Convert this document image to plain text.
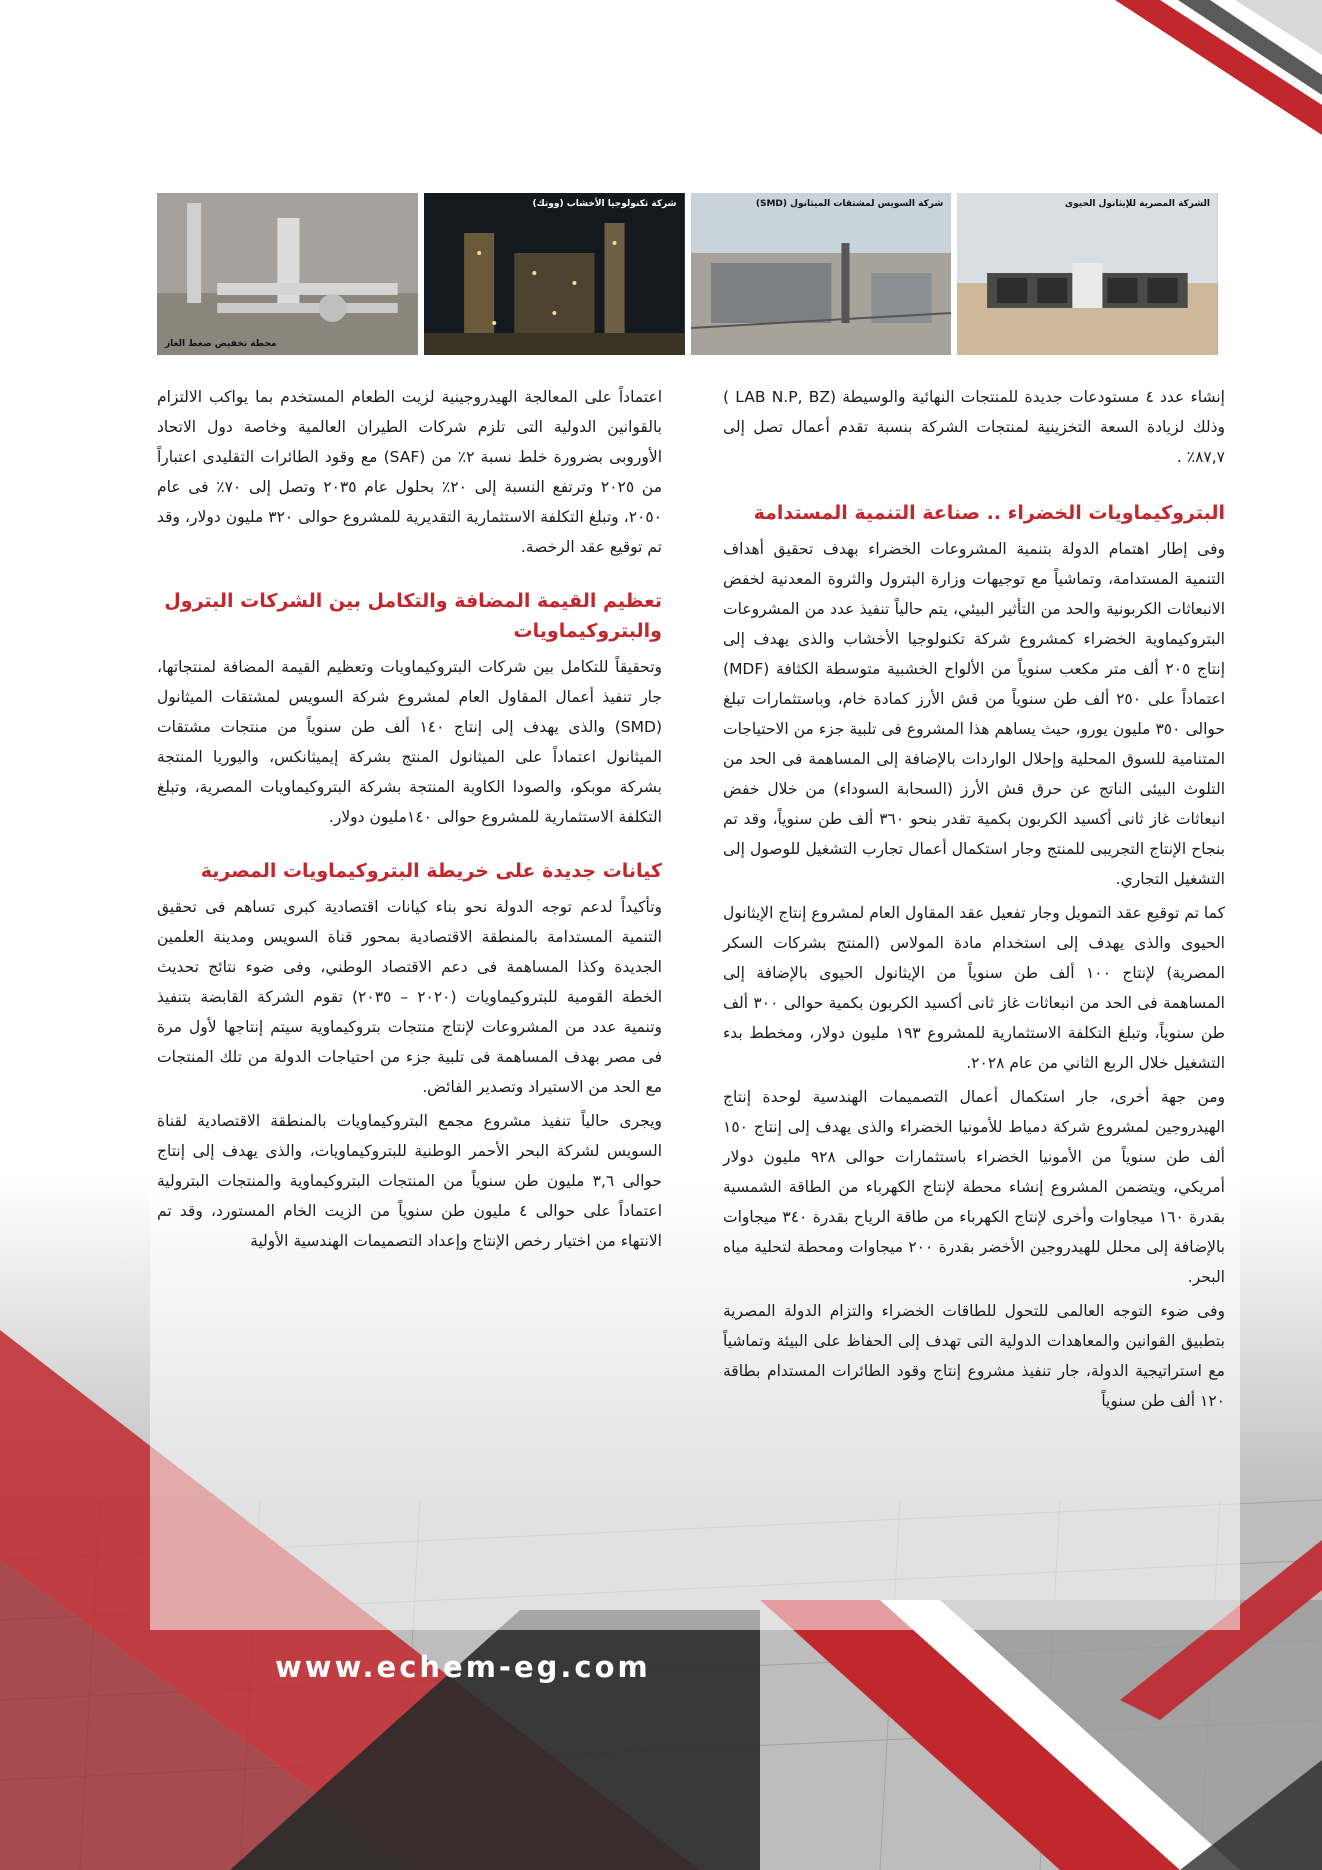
الشركة المصرية للإيثانول الحيوى
شركة السويس لمشتقات الميثانول (SMD)
شركة تكنولوجيا الأخشاب (ووتك)
محطة تخفيض ضغط الغاز

إنشاء عدد ٤ مستودعات جديدة للمنتجات النهائية والوسيطة (LAB N.P, BZ ) وذلك لزيادة السعة التخزينية لمنتجات الشركة بنسبة تقدم أعمال تصل إلى ٨٧,٧٪ .

البتروكيماويات الخضراء .. صناعة التنمية المستدامة

وفى إطار اهتمام الدولة بتنمية المشروعات الخضراء بهدف تحقيق أهداف التنمية المستدامة، وتماشياً مع توجيهات وزارة البترول والثروة المعدنية لخفض الانبعاثات الكربونية والحد من التأثير البيئي، يتم حالياً تنفيذ عدد من المشروعات البتروكيماوية الخضراء كمشروع شركة تكنولوجيا الأخشاب والذى يهدف إلى إنتاج ٢٠٥ ألف متر مكعب سنوياً من الألواح الخشبية متوسطة الكثافة (MDF) اعتماداً على ٢٥٠ ألف طن سنوياً من قش الأرز كمادة خام، وباستثمارات تبلغ حوالى ٣٥٠ مليون يورو، حيث يساهم هذا المشروع فى تلبية جزء من الاحتياجات المتنامية للسوق المحلية وإحلال الواردات بالإضافة إلى المساهمة فى الحد من التلوث البيئى الناتج عن حرق قش الأرز (السحابة السوداء) من خلال خفض انبعاثات غاز ثانى أكسيد الكربون بكمية تقدر بنحو ٣٦٠ ألف طن سنوياً، وقد تم بنجاح الإنتاج التجريبى للمنتج وجار استكمال أعمال تجارب التشغيل للوصول إلى التشغيل التجاري.

كما تم توقيع عقد التمويل وجار تفعيل عقد المقاول العام لمشروع إنتاج الإيثانول الحيوى والذى يهدف إلى استخدام مادة المولاس (المنتج بشركات السكر المصرية) لإنتاج ١٠٠ ألف طن سنوياً من الإيثانول الحيوى بالإضافة إلى المساهمة فى الحد من انبعاثات غاز ثانى أكسيد الكربون بكمية حوالى ٣٠٠ ألف طن سنوياً، وتبلغ التكلفة الاستثمارية للمشروع ١٩٣ مليون دولار، ومخطط بدء التشغيل خلال الربع الثاني من عام ٢٠٢٨.

ومن جهة أخرى، جار استكمال أعمال التصميمات الهندسية لوحدة إنتاج الهيدروجين لمشروع شركة دمياط للأمونيا الخضراء والذى يهدف إلى إنتاج ١٥٠ ألف طن سنوياً من الأمونيا الخضراء باستثمارات حوالى ٩٢٨ مليون دولار أمريكي، ويتضمن المشروع إنشاء محطة لإنتاج الكهرباء من الطاقة الشمسية بقدرة ١٦٠ ميجاوات وأخرى لإنتاج الكهرباء من طاقة الرياح بقدرة ٣٤٠ ميجاوات بالإضافة إلى محلل للهيدروجين الأخضر بقدرة ٢٠٠ ميجاوات ومحطة لتحلية مياه البحر.

وفى ضوء التوجه العالمى للتحول للطاقات الخضراء والتزام الدولة المصرية بتطبيق القوانين والمعاهدات الدولية التى تهدف إلى الحفاظ على البيئة وتماشياً مع استراتيجية الدولة، جار تنفيذ مشروع إنتاج وقود الطائرات المستدام بطاقة ١٢٠ ألف طن سنوياً

اعتماداً على المعالجة الهيدروجينية لزيت الطعام المستخدم بما يواكب الالتزام بالقوانين الدولية التى تلزم شركات الطيران العالمية وخاصة دول الاتحاد الأوروبى بضرورة خلط نسبة ٢٪ من (SAF) مع وقود الطائرات التقليدى اعتباراً من ٢٠٢٥ وترتفع النسبة إلى ٢٠٪ بحلول عام ٢٠٣٥ وتصل إلى ٧٠٪ فى عام ٢٠٥٠، وتبلغ التكلفة الاستثمارية التقديرية للمشروع حوالى ٣٢٠ مليون دولار، وقد تم توقيع عقد الرخصة.

تعظيم القيمة المضافة والتكامل بين الشركات البترول والبتروكيماويات

وتحقيقاً للتكامل بين شركات البتروكيماويات وتعظيم القيمة المضافة لمنتجاتها، جار تنفيذ أعمال المقاول العام لمشروع شركة السويس لمشتقات الميثانول (SMD) والذى يهدف إلى إنتاج ١٤٠ ألف طن سنوياً من منتجات مشتقات الميثانول اعتماداً على الميثانول المنتج بشركة إيميثانكس، واليوريا المنتجة بشركة موبكو، والصودا الكاوية المنتجة بشركة البتروكيماويات المصرية، وتبلغ التكلفة الاستثمارية للمشروع حوالى ١٤٠مليون دولار.

كيانات جديدة على خريطة البتروكيماويات المصرية

وتأكيداً لدعم توجه الدولة نحو بناء كيانات اقتصادية كبرى تساهم فى تحقيق التنمية المستدامة بالمنطقة الاقتصادية بمحور قناة السويس ومدينة العلمين الجديدة وكذا المساهمة فى دعم الاقتصاد الوطني، وفى ضوء نتائج تحديث الخطة القومية للبتروكيماويات (٢٠٢٠ – ٢٠٣٥) تقوم الشركة القابضة بتنفيذ وتنمية عدد من المشروعات لإنتاج منتجات بتروكيماوية سيتم إنتاجها لأول مرة فى مصر بهدف المساهمة فى تلبية جزء من احتياجات الدولة من تلك المنتجات مع الحد من الاستيراد وتصدير الفائض.

ويجرى حالياً تنفيذ مشروع مجمع البتروكيماويات بالمنطقة الاقتصادية لقناة السويس لشركة البحر الأحمر الوطنية للبتروكيماويات، والذى يهدف إلى إنتاج حوالى ٣,٦ مليون طن سنوياً من المنتجات البتروكيماوية والمنتجات البترولية اعتماداً على حوالى ٤ مليون طن سنوياً من الزيت الخام المستورد، وقد تم الانتهاء من اختيار رخص الإنتاج وإعداد التصميمات الهندسية الأولية

www.echem-eg.com
